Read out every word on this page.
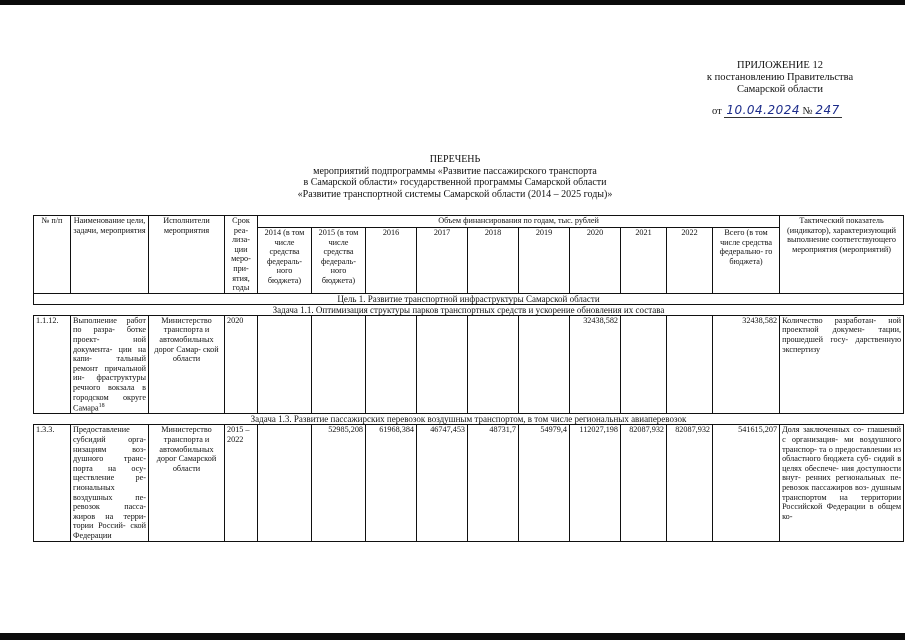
ПРИЛОЖЕНИЕ 12
к постановлению Правительства
Самарской области
от 10.04.2024 № 247
ПЕРЕЧЕНЬ
мероприятий подпрограммы «Развитие пассажирского транспорта
в Самарской области» государственной программы Самарской области
«Развитие транспортной системы Самарской области (2014 – 2025 годы)»
№ п/п	Наименование цели, задачи, мероприятия	Исполнители мероприятия	Срок реа- лиза- ции меро- при- ятия, годы	Объем финансирования по годам, тыс. рублей										Тактический показатель (индикатор), характеризующий выполнение соответствующего мероприятия (мероприятий)
				2014 (в том числе средства федераль- ного бюджета)	2015 (в том числе средства федераль- ного бюджета)	2016	2017	2018	2019	2020	2021	2022	Всего (в том числе средства федерально- го бюджета)	
Цель 1. Развитие транспортной инфраструктуры Самарской области														
Задача 1.1. Оптимизация структуры парков транспортных средств и ускорение обновления их состава														
1.1.12.	Выполнение работ по разра- ботке проект- ной документа- ции на капи- тальный ремонт причальной ин- фраструктуры речного вокзала в городском округе Самара$^{18}$	Министерство транспорта и автомобильных дорог Самар- ской области	2020							32438,582			32438,582	Количество разработан- ной проектной докумен- тации, прошедшей госу- дарственную экспертизу
Задача 1.3. Развитие пассажирских перевозок воздушным транспортом, в том числе региональных авиаперевозок														
1.3.3.	Предоставление субсидий орга- низациям воз- душного транс- порта на осу- ществление ре- гиональных воздушных пе- ревозок пасса- жиров на терри- тории Россий- ской Федерации	Министерство транспорта и автомобильных дорог Самарской области	2015 – 2022		52985,208	61968,384	46747,453	48731,7	54979,4	112027,198	82087,932	82087,932	541615,207	Доля заключенных со- глашений с организация- ми воздушного транспор- та о предоставлении из областного бюджета суб- сидий в целях обеспече- ния доступности внут- ренних региональных пе- ревозок пассажиров воз- душным транспортом на территории Российской Федерации в общем ко-
